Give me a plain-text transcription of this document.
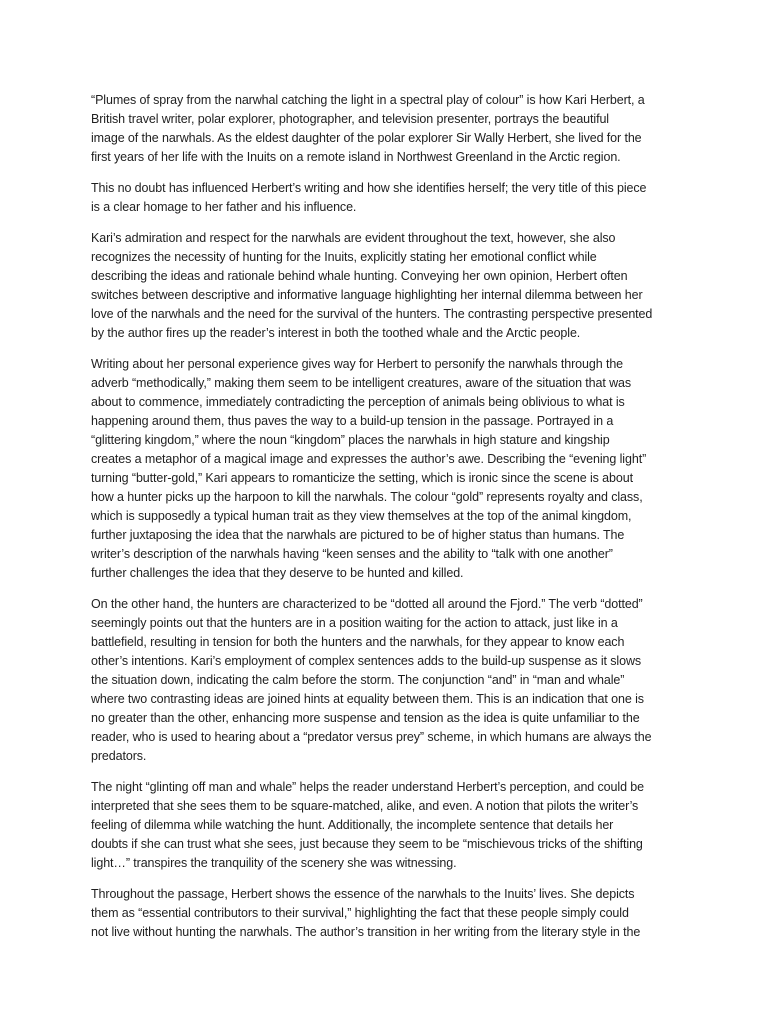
“Plumes of spray from the narwhal catching the light in a spectral play of colour” is how Kari Herbert, a
British travel writer, polar explorer, photographer, and television presenter, portrays the beautiful
image of the narwhals. As the eldest daughter of the polar explorer Sir Wally Herbert, she lived for the
first years of her life with the Inuits on a remote island in Northwest Greenland in the Arctic region.

This no doubt has influenced Herbert’s writing and how she identifies herself; the very title of this piece
is a clear homage to her father and his influence.

Kari’s admiration and respect for the narwhals are evident throughout the text, however, she also
recognizes the necessity of hunting for the Inuits, explicitly stating her emotional conflict while
describing the ideas and rationale behind whale hunting. Conveying her own opinion, Herbert often
switches between descriptive and informative language highlighting her internal dilemma between her
love of the narwhals and the need for the survival of the hunters. The contrasting perspective presented
by the author fires up the reader’s interest in both the toothed whale and the Arctic people.

Writing about her personal experience gives way for Herbert to personify the narwhals through the
adverb “methodically,” making them seem to be intelligent creatures, aware of the situation that was
about to commence, immediately contradicting the perception of animals being oblivious to what is
happening around them, thus paves the way to a build-up tension in the passage. Portrayed in a
“glittering kingdom,” where the noun “kingdom” places the narwhals in high stature and kingship
creates a metaphor of a magical image and expresses the author’s awe. Describing the “evening light”
turning “butter-gold,” Kari appears to romanticize the setting, which is ironic since the scene is about
how a hunter picks up the harpoon to kill the narwhals. The colour “gold” represents royalty and class,
which is supposedly a typical human trait as they view themselves at the top of the animal kingdom,
further juxtaposing the idea that the narwhals are pictured to be of higher status than humans. The
writer’s description of the narwhals having “keen senses and the ability to “talk with one another”
further challenges the idea that they deserve to be hunted and killed.

On the other hand, the hunters are characterized to be “dotted all around the Fjord.” The verb “dotted”
seemingly points out that the hunters are in a position waiting for the action to attack, just like in a
battlefield, resulting in tension for both the hunters and the narwhals, for they appear to know each
other’s intentions. Kari’s employment of complex sentences adds to the build-up suspense as it slows
the situation down, indicating the calm before the storm. The conjunction “and” in “man and whale”
where two contrasting ideas are joined hints at equality between them. This is an indication that one is
no greater than the other, enhancing more suspense and tension as the idea is quite unfamiliar to the
reader, who is used to hearing about a “predator versus prey” scheme, in which humans are always the
predators.

The night “glinting off man and whale” helps the reader understand Herbert’s perception, and could be
interpreted that she sees them to be square-matched, alike, and even. A notion that pilots the writer’s
feeling of dilemma while watching the hunt. Additionally, the incomplete sentence that details her
doubts if she can trust what she sees, just because they seem to be “mischievous tricks of the shifting
light…” transpires the tranquility of the scenery she was witnessing.

Throughout the passage, Herbert shows the essence of the narwhals to the Inuits’ lives. She depicts
them as “essential contributors to their survival,” highlighting the fact that these people simply could
not live without hunting the narwhals. The author’s transition in her writing from the literary style in the
